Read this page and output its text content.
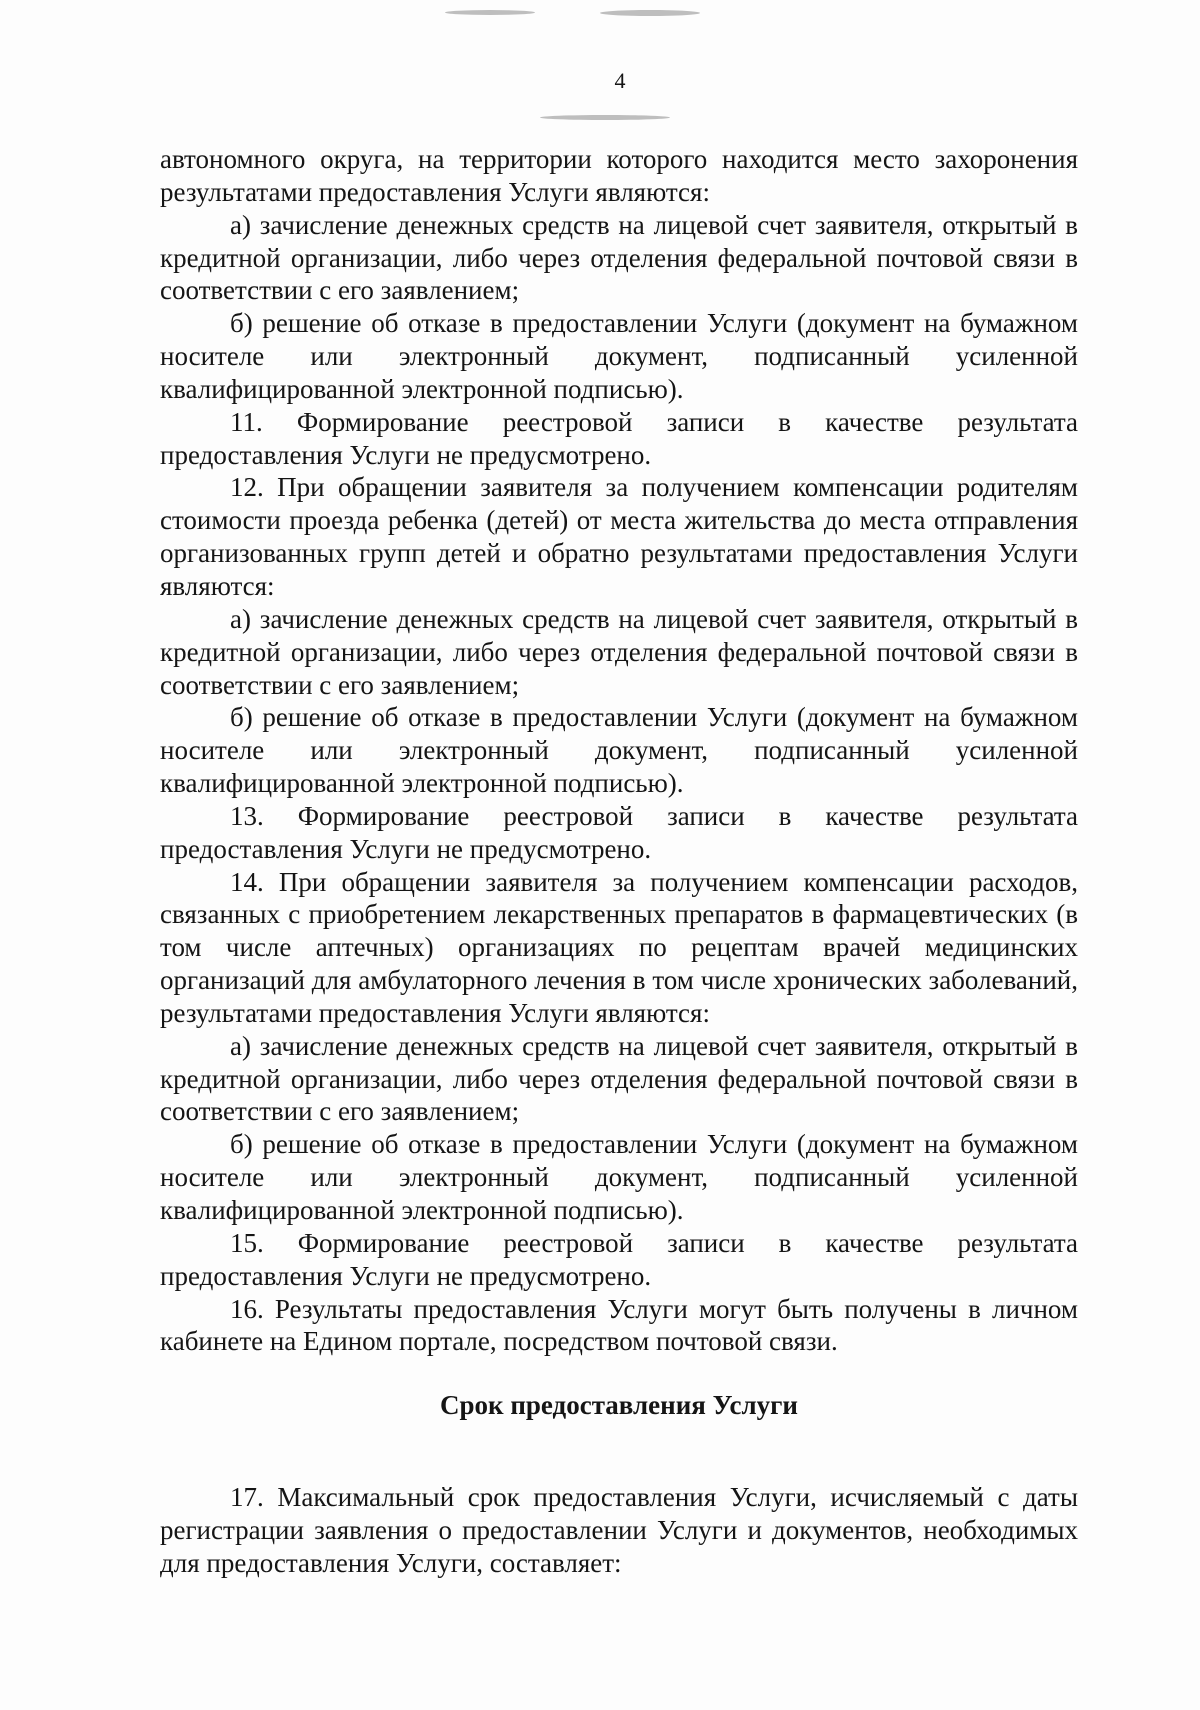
4

автономного округа, на территории которого находится место захоронения результатами предоставления Услуги являются:

а) зачисление денежных средств на лицевой счет заявителя, открытый в кредитной организации, либо через отделения федеральной почтовой связи в соответствии с его заявлением;

б) решение об отказе в предоставлении Услуги (документ на бумажном носителе или электронный документ, подписанный усиленной квалифицированной электронной подписью).

11. Формирование реестровой записи в качестве результата предоставления Услуги не предусмотрено.

12. При обращении заявителя за получением компенсации родителям стоимости проезда ребенка (детей) от места жительства до места отправления организованных групп детей и обратно результатами предоставления Услуги являются:

а) зачисление денежных средств на лицевой счет заявителя, открытый в кредитной организации, либо через отделения федеральной почтовой связи в соответствии с его заявлением;

б) решение об отказе в предоставлении Услуги (документ на бумажном носителе или электронный документ, подписанный усиленной квалифицированной электронной подписью).

13. Формирование реестровой записи в качестве результата предоставления Услуги не предусмотрено.

14. При обращении заявителя за получением компенсации расходов, связанных с приобретением лекарственных препаратов в фармацевтических (в том числе аптечных) организациях по рецептам врачей медицинских организаций для амбулаторного лечения в том числе хронических заболеваний, результатами предоставления Услуги являются:

а) зачисление денежных средств на лицевой счет заявителя, открытый в кредитной организации, либо через отделения федеральной почтовой связи в соответствии с его заявлением;

б) решение об отказе в предоставлении Услуги (документ на бумажном носителе или электронный документ, подписанный усиленной квалифицированной электронной подписью).

15. Формирование реестровой записи в качестве результата предоставления Услуги не предусмотрено.

16. Результаты предоставления Услуги могут быть получены в личном кабинете на Едином портале, посредством почтовой связи.

Срок предоставления Услуги

17. Максимальный срок предоставления Услуги, исчисляемый с даты регистрации заявления о предоставлении Услуги и документов, необходимых для предоставления Услуги, составляет:
